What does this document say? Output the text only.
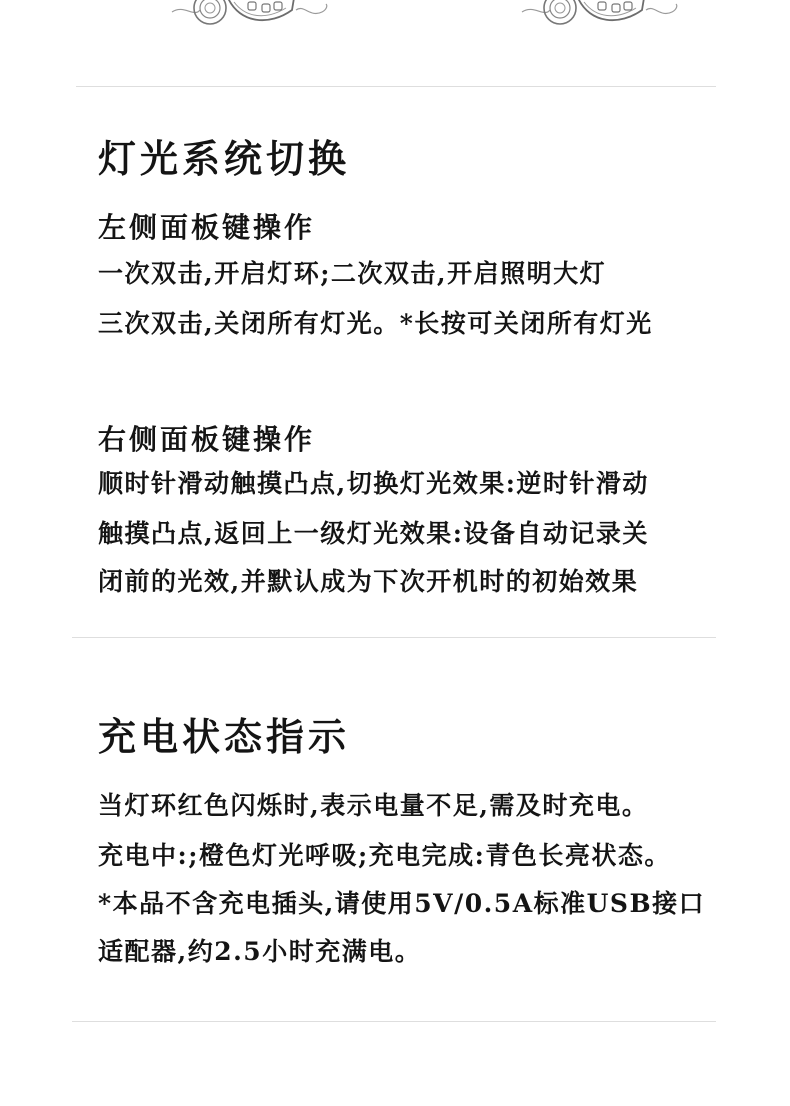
灯光系统切换
左侧面板键操作

一次双击,开启灯环;二次双击,开启照明大灯

三次双击,关闭所有灯光。*长按可关闭所有灯光

右侧面板键操作

顺时针滑动触摸凸点,切换灯光效果:逆时针滑动

触摸凸点,返回上一级灯光效果:设备自动记录关

闭前的光效,并默认成为下次开机时的初始效果

充电状态指示

当灯环红色闪烁时,表示电量不足,需及时充电。

充电中:;橙色灯光呼吸;充电完成:青色长亮状态。

*本品不含充电插头,请使用5V/0.5A标准USB接口

适配器,约2.5小时充满电。
